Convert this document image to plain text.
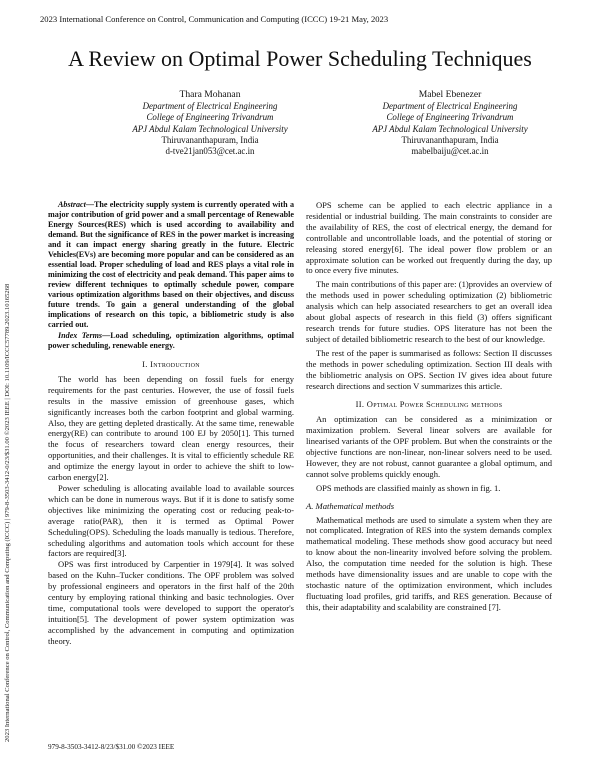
2023 International Conference on Control, Communication and Computing (ICCC) 19-21 May, 2023
A Review on Optimal Power Scheduling Techniques
Thara Mohanan
Department of Electrical Engineering
College of Engineering Trivandrum
APJ Abdul Kalam Technological University
Thiruvananthapuram, India
d-tve21jan053@cet.ac.in
Mabel Ebenezer
Department of Electrical Engineering
College of Engineering Trivandrum
APJ Abdul Kalam Technological University
Thiruvananthapuram, India
mabelbaiju@cet.ac.in
2023 International Conference on Control, Communication and Computing (ICCC) | 979-8-3503-3412-0/23/$31.00 ©2023 IEEE | DOI: 10.1109/ICCC57789.2023.10165268

Abstract—The electricity supply system is currently operated with a major contribution of grid power and a small percentage of Renewable Energy Sources(RES) which is used according to availability and demand. But the significance of RES in the power market is increasing and it can impact energy sharing greatly in the future. Electric Vehicles(EVs) are becoming more popular and can be considered as an essential load. Proper scheduling of load and RES plays a vital role in minimizing the cost of electricity and peak demand. This paper aims to review different techniques to optimally schedule power, compare various optimization algorithms based on their objectives, and discuss future trends. To gain a general understanding of the global implications of research on this topic, a bibliometric study is also carried out.

Index Terms—Load scheduling, optimization algorithms, optimal power scheduling, renewable energy.

I. Introduction

The world has been depending on fossil fuels for energy requirements for the past centuries. However, the use of fossil fuels results in the massive emission of greenhouse gases, which significantly increases both the carbon footprint and global warming. Also, they are getting depleted drastically. At the same time, renewable energy(RE) can contribute to around 100 EJ by 2050[1]. This turned the focus of researchers toward clean energy resources, their opportunities, and their challenges. It is vital to efficiently schedule RE and optimize the energy layout in order to achieve the shift to low-carbon energy[2].

Power scheduling is allocating available load to available sources which can be done in numerous ways. But if it is done to satisfy some objectives like minimizing the operating cost or reducing peak-to-average ratio(PAR), then it is termed as Optimal Power Scheduling(OPS). Scheduling the loads manually is tedious. Therefore, scheduling algorithms and automation tools which account for these factors are required[3].

OPS was first introduced by Carpentier in 1979[4]. It was solved based on the Kuhn–Tucker conditions. The OPF problem was solved by professional engineers and operators in the first half of the 20th century by employing rational thinking and basic technologies. Over time, computational tools were developed to support the operator's intuition[5]. The development of power system optimization was accomplished by the advancement in computing and optimization theory.

OPS scheme can be applied to each electric appliance in a residential or industrial building. The main constraints to consider are the availability of RES, the cost of electrical energy, the demand for controllable and uncontrollable loads, and the potential of storing or releasing stored energy[6]. The ideal power flow problem or an approximate solution can be worked out frequently during the day, up to once every five minutes.

The main contributions of this paper are: (1)provides an overview of the methods used in power scheduling optimization (2) bibliometric analysis which can help associated researchers to get an overall idea about global aspects of research in this field (3) offers significant research trends for future studies. OPS literature has not been the subject of detailed bibliometric research to the best of our knowledge.

The rest of the paper is summarised as follows: Section II discusses the methods in power scheduling optimization. Section III deals with the bibliometric analysis on OPS. Section IV gives idea about future research directions and section V summarizes this article.

II. Optimal Power Scheduling methods

An optimization can be considered as a minimization or maximization problem. Several linear solvers are available for linearised variants of the OPF problem. But when the constraints or the objective functions are non-linear, non-linear solvers need to be used. However, they are not robust, cannot guarantee a global optimum, and cannot solve problems quickly enough.

OPS methods are classified mainly as shown in fig. 1.

A. Mathematical methods

Mathematical methods are used to simulate a system when they are not complicated. Integration of RES into the system demands complex mathematical modeling. These methods show good accuracy but need to know about the non-linearity involved before solving the problem. Also, the computation time needed for the solution is high. These methods have dimensionality issues and are unable to cope with the stochastic nature of the optimization environment, which includes fluctuating load profiles, grid tariffs, and RES generation. Because of this, their adaptability and scalability are constrained [7].

979-8-3503-3412-8/23/$31.00 ©2023 IEEE
